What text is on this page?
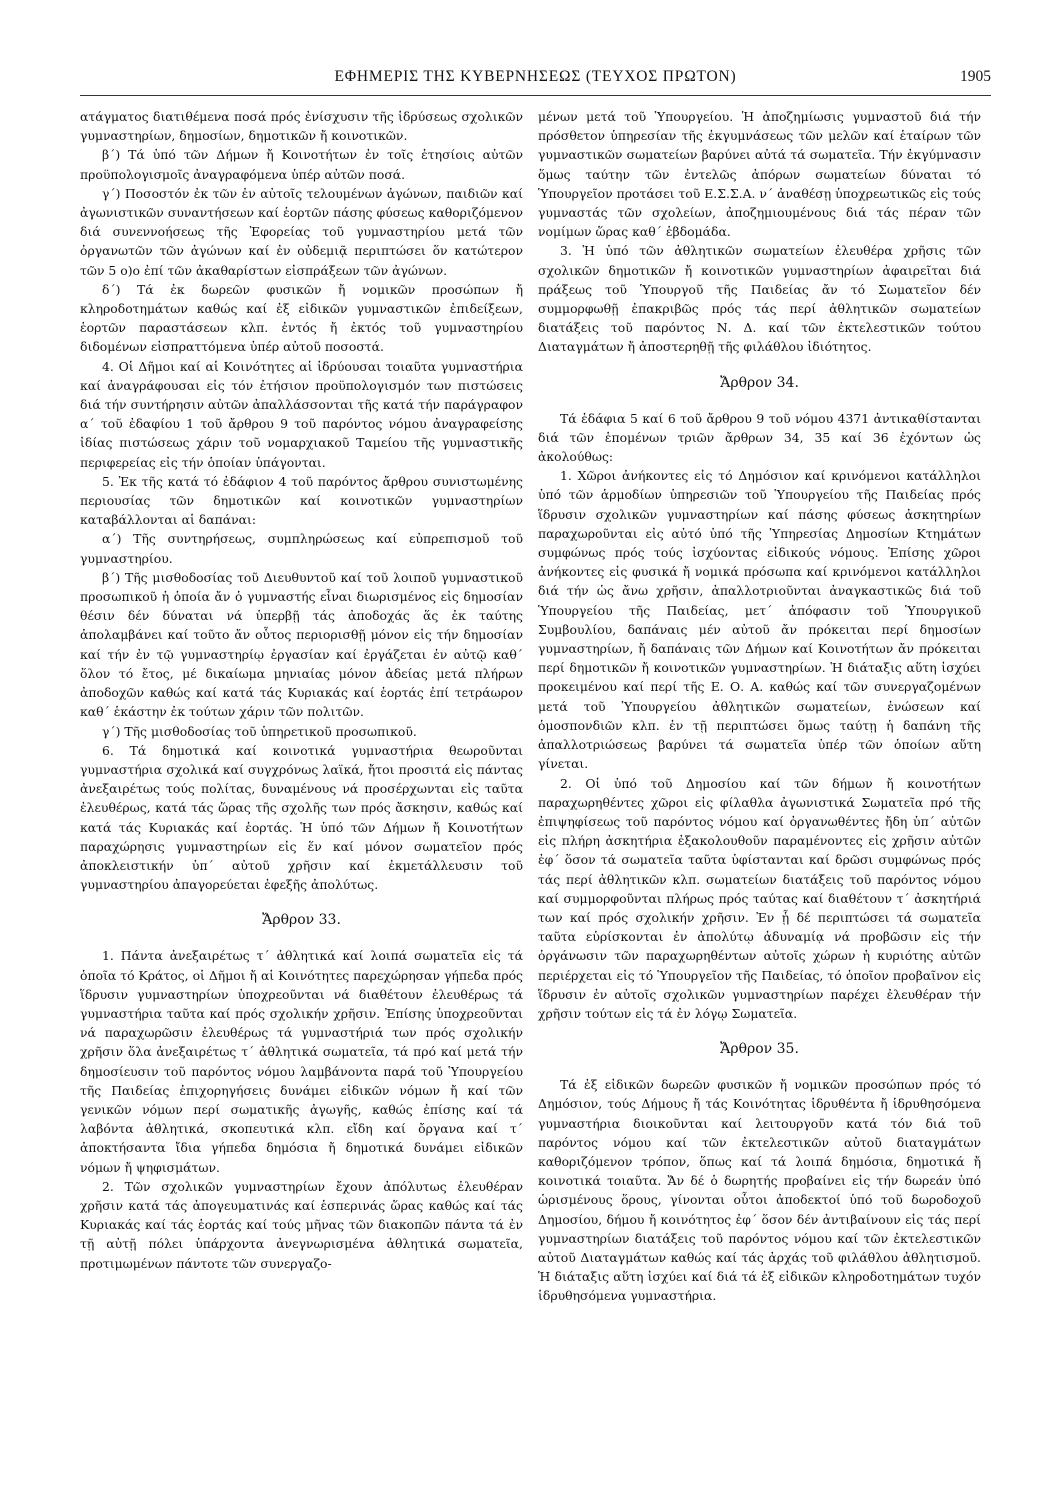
ΕΦΗΜΕΡΙΣ ΤΗΣ ΚΥΒΕΡΝΗΣΕΩΣ (ΤΕΥΧΟΣ ΠΡΩΤΟΝ)	1905

ατάγματος διατιθέμενα ποσά πρός ἐνίσχυσιν τῆς ἱδρύσεως σχολικῶν γυμναστηρίων, δημοσίων, δημοτικῶν ἤ κοινοτικῶν.

β΄) Τά ὑπό τῶν Δήμων ἤ Κοινοτήτων ἐν τοῖς ἐτησίοις αὐτῶν προϋπολογισμοῖς ἀναγραφόμενα ὑπέρ αὐτῶν ποσά.

γ΄) Ποσοστόν ἐκ τῶν ἐν αὐτοῖς τελουμένων ἀγώνων, παιδιῶν καί ἀγωνιστικῶν συναντήσεων καί ἑορτῶν πάσης φύσεως καθοριζόμενον διά συνεννοήσεως τῆς Ἐφορείας τοῦ γυμναστηρίου μετά τῶν ὀργανωτῶν τῶν ἀγώνων καί ἐν οὐδεμιᾷ περιπτώσει ὅν κατώτερον τῶν 5 ο)ο ἐπί τῶν ἀκαθαρίστων εἰσπράξεων τῶν ἀγώνων.

δ΄) Τά ἐκ δωρεῶν φυσικῶν ἤ νομικῶν προσώπων ἤ κληροδοτημάτων καθώς καί ἐξ εἰδικῶν γυμναστικῶν ἐπιδείξεων, ἑορτῶν παραστάσεων κλπ. ἐντός ἤ ἐκτός τοῦ γυμναστηρίου διδομένων εἰσπραττόμενα ὑπέρ αὐτοῦ ποσοστά.

4. Οἱ Δῆμοι καί αἱ Κοινότητες αἱ ἱδρύουσαι τοιαῦτα γυμναστήρια καί ἀναγράφουσαι εἰς τόν ἐτήσιον προϋπολογισμόν των πιστώσεις διά τήν συντήρησιν αὐτῶν ἀπαλλάσσονται τῆς κατά τήν παράγραφον α΄ τοῦ ἐδαφίου 1 τοῦ ἄρθρου 9 τοῦ παρόντος νόμου ἀναγραφείσης ἰδίας πιστώσεως χάριν τοῦ νομαρχιακοῦ Ταμείου τῆς γυμναστικῆς περιφερείας εἰς τήν ὁποίαν ὑπάγονται.

5. Ἐκ τῆς κατά τό ἐδάφιον 4 τοῦ παρόντος ἄρθρου συνιστωμένης περιουσίας τῶν δημοτικῶν καί κοινοτικῶν γυμναστηρίων καταβάλλονται αἱ δαπάναι:

α΄) Τῆς συντηρήσεως, συμπληρώσεως καί εὐπρεπισμοῦ τοῦ γυμναστηρίου.

β΄) Τῆς μισθοδοσίας τοῦ Διευθυντοῦ καί τοῦ λοιποῦ γυμναστικοῦ προσωπικοῦ ἡ ὁποία ἄν ὁ γυμναστής εἶναι διωρισμένος εἰς δημοσίαν θέσιν δέν δύναται νά ὑπερβῇ τάς ἀποδοχάς ἅς ἐκ ταύτης ἀπολαμβάνει καί τοῦτο ἄν οὗτος περιορισθῇ μόνον εἰς τήν δημοσίαν καί τήν ἐν τῷ γυμναστηρίῳ ἐργασίαν καί ἐργάζεται ἐν αὐτῷ καθ΄ ὅλον τό ἔτος, μέ δικαίωμα μηνιαίας μόνον ἀδείας μετά πλήρων ἀποδοχῶν καθώς καί κατά τάς Κυριακάς καί ἑορτάς ἐπί τετράωρον καθ΄ ἑκάστην ἐκ τούτων χάριν τῶν πολιτῶν.

γ΄) Τῆς μισθοδοσίας τοῦ ὑπηρετικοῦ προσωπικοῦ.

6. Τά δημοτικά καί κοινοτικά γυμναστήρια θεωροῦνται γυμναστήρια σχολικά καί συγχρόνως λαϊκά, ἤτοι προσιτά εἰς πάντας ἀνεξαιρέτως τούς πολίτας, δυναμένους νά προσέρχωνται εἰς ταῦτα ἐλευθέρως, κατά τάς ὥρας τῆς σχολῆς των πρός ἄσκησιν, καθώς καί κατά τάς Κυριακάς καί ἑορτάς. Ἡ ὑπό τῶν Δήμων ἤ Κοινοτήτων παραχώρησις γυμναστηρίων εἰς ἕν καί μόνον σωματεῖον πρός ἀποκλειστικήν ὑπ΄ αὐτοῦ χρῆσιν καί ἐκμετάλλευσιν τοῦ γυμναστηρίου ἀπαγορεύεται ἐφεξῆς ἀπολύτως.

Ἄρθρον 33.

1. Πάντα ἀνεξαιρέτως τ΄ ἀθλητικά καί λοιπά σωματεῖα εἰς τά ὁποῖα τό Κράτος, οἱ Δῆμοι ἤ αἱ Κοινότητες παρεχώρησαν γήπεδα πρός ἵδρυσιν γυμναστηρίων ὑποχρεοῦνται νά διαθέτουν ἐλευθέρως τά γυμναστήρια ταῦτα καί πρός σχολικήν χρῆσιν. Ἐπίσης ὑποχρεοῦνται νά παραχωρῶσιν ἐλευθέρως τά γυμναστήριά των πρός σχολικήν χρῆσιν ὅλα ἀνεξαιρέτως τ΄ ἀθλητικά σωματεῖα, τά πρό καί μετά τήν δημοσίευσιν τοῦ παρόντος νόμου λαμβάνοντα παρά τοῦ Ὑπουργείου τῆς Παιδείας ἐπιχορηγήσεις δυνάμει εἰδικῶν νόμων ἤ καί τῶν γενικῶν νόμων περί σωματικῆς ἀγωγῆς, καθώς ἐπίσης καί τά λαβόντα ἀθλητικά, σκοπευτικά κλπ. εἴδη καί ὄργανα καί τ΄ ἀποκτήσαντα ἴδια γήπεδα δημόσια ἤ δημοτικά δυνάμει εἰδικῶν νόμων ἤ ψηφισμάτων.

2. Τῶν σχολικῶν γυμναστηρίων ἔχουν ἀπόλυτως ἐλευθέραν χρῆσιν κατά τάς ἀπογευματινάς καί ἑσπερινάς ὥρας καθώς καί τάς Κυριακάς καί τάς ἑορτάς καί τούς μῆνας τῶν διακοπῶν πάντα τά ἐν τῇ αὐτῇ πόλει ὑπάρχοντα ἀνεγνωρισμένα ἀθλητικά σωματεῖα, προτιμωμένων πάντοτε τῶν συνεργαζο-

μένων μετά τοῦ Ὑπουργείου. Ἡ ἀποζημίωσις γυμναστοῦ διά τήν πρόσθετον ὑπηρεσίαν τῆς ἐκγυμνάσεως τῶν μελῶν καί ἑταίρων τῶν γυμναστικῶν σωματείων βαρύνει αὐτά τά σωματεῖα. Τήν ἐκγύμνασιν ὅμως ταύτην τῶν ἐντελῶς ἀπόρων σωματείων δύναται τό Ὑπουργεῖον προτάσει τοῦ Ε.Σ.Σ.Α. ν΄ ἀναθέσῃ ὑποχρεωτικῶς εἰς τούς γυμναστάς τῶν σχολείων, ἀποζημιουμένους διά τάς πέραν τῶν νομίμων ὥρας καθ΄ ἑβδομάδα.

3. Ἡ ὑπό τῶν ἀθλητικῶν σωματείων ἐλευθέρα χρῆσις τῶν σχολικῶν δημοτικῶν ἤ κοινοτικῶν γυμναστηρίων ἀφαιρεῖται διά πράξεως τοῦ Ὑπουργοῦ τῆς Παιδείας ἄν τό Σωματεῖον δέν συμμορφωθῇ ἐπακριβῶς πρός τάς περί ἀθλητικῶν σωματείων διατάξεις τοῦ παρόντος Ν. Δ. καί τῶν ἐκτελεστικῶν τούτου Διαταγμάτων ἤ ἀποστερηθῇ τῆς φιλάθλου ἰδιότητος.

Ἄρθρον 34.

Τά ἐδάφια 5 καί 6 τοῦ ἄρθρου 9 τοῦ νόμου 4371 ἀντικαθίστανται διά τῶν ἑπομένων τριῶν ἄρθρων 34, 35 καί 36 ἐχόντων ὡς ἀκολούθως:

1. Χῶροι ἀνήκοντες εἰς τό Δημόσιον καί κρινόμενοι κατάλληλοι ὑπό τῶν ἁρμοδίων ὑπηρεσιῶν τοῦ Ὑπουργείου τῆς Παιδείας πρός ἵδρυσιν σχολικῶν γυμναστηρίων καί πάσης φύσεως ἀσκητηρίων παραχωροῦνται εἰς αὐτό ὑπό τῆς Ὑπηρεσίας Δημοσίων Κτημάτων συμφώνως πρός τούς ἰσχύοντας εἰδικούς νόμους. Ἐπίσης χῶροι ἀνήκοντες εἰς φυσικά ἤ νομικά πρόσωπα καί κρινόμενοι κατάλληλοι διά τήν ὡς ἄνω χρῆσιν, ἀπαλλοτριοῦνται ἀναγκαστικῶς διά τοῦ Ὑπουργείου τῆς Παιδείας, μετ΄ ἀπόφασιν τοῦ Ὑπουργικοῦ Συμβουλίου, δαπάναις μέν αὐτοῦ ἄν πρόκειται περί δημοσίων γυμναστηρίων, ἤ δαπάναις τῶν Δήμων καί Κοινοτήτων ἄν πρόκειται περί δημοτικῶν ἤ κοινοτικῶν γυμναστηρίων. Ἡ διάταξις αὕτη ἰσχύει προκειμένου καί περί τῆς Ε. Ο. Α. καθώς καί τῶν συνεργαζομένων μετά τοῦ Ὑπουργείου ἀθλητικῶν σωματείων, ἑνώσεων καί ὁμοσπονδιῶν κλπ. ἐν τῇ περιπτώσει ὅμως ταύτῃ ἡ δαπάνη τῆς ἀπαλλοτριώσεως βαρύνει τά σωματεῖα ὑπέρ τῶν ὁποίων αὕτη γίνεται.

2. Οἱ ὑπό τοῦ Δημοσίου καί τῶν δήμων ἤ κοινοτήτων παραχωρηθέντες χῶροι εἰς φίλαθλα ἀγωνιστικά Σωματεῖα πρό τῆς ἐπιψηφίσεως τοῦ παρόντος νόμου καί ὀργανωθέντες ἤδη ὑπ΄ αὐτῶν εἰς πλήρη ἀσκητήρια ἐξακολουθοῦν παραμένοντες εἰς χρῆσιν αὐτῶν ἐφ΄ ὅσον τά σωματεῖα ταῦτα ὑφίστανται καί δρῶσι συμφώνως πρός τάς περί ἀθλητικῶν κλπ. σωματείων διατάξεις τοῦ παρόντος νόμου καί συμμορφοῦνται πλήρως πρός ταύτας καί διαθέτουν τ΄ ἀσκητήριά των καί πρός σχολικήν χρῆσιν. Ἐν ᾗ δέ περιπτώσει τά σωματεῖα ταῦτα εὑρίσκονται ἐν ἀπολύτῳ ἀδυναμίᾳ νά προβῶσιν εἰς τήν ὀργάνωσιν τῶν παραχωρηθέντων αὐτοῖς χώρων ἡ κυριότης αὐτῶν περιέρχεται εἰς τό Ὑπουργεῖον τῆς Παιδείας, τό ὁποῖον προβαῖνον εἰς ἵδρυσιν ἐν αὐτοῖς σχολικῶν γυμναστηρίων παρέχει ἐλευθέραν τήν χρῆσιν τούτων εἰς τά ἐν λόγῳ Σωματεῖα.

Ἄρθρον 35.

Τά ἐξ εἰδικῶν δωρεῶν φυσικῶν ἤ νομικῶν προσώπων πρός τό Δημόσιον, τούς Δήμους ἤ τάς Κοινότητας ἱδρυθέντα ἤ ἱδρυθησόμενα γυμναστήρια διοικοῦνται καί λειτουργοῦν κατά τόν διά τοῦ παρόντος νόμου καί τῶν ἐκτελεστικῶν αὐτοῦ διαταγμάτων καθοριζόμενον τρόπον, ὅπως καί τά λοιπά δημόσια, δημοτικά ἤ κοινοτικά τοιαῦτα. Ἄν δέ ὁ δωρητής προβαίνει εἰς τήν δωρεάν ὑπό ὡρισμένους ὅρους, γίνονται οὗτοι ἀποδεκτοί ὑπό τοῦ δωροδοχοῦ Δημοσίου, δήμου ἤ κοινότητος ἐφ΄ ὅσον δέν ἀντιβαίνουν εἰς τάς περί γυμναστηρίων διατάξεις τοῦ παρόντος νόμου καί τῶν ἐκτελεστικῶν αὐτοῦ Διαταγμάτων καθώς καί τάς ἀρχάς τοῦ φιλάθλου ἀθλητισμοῦ. Ἡ διάταξις αὕτη ἰσχύει καί διά τά ἐξ εἰδικῶν κληροδοτημάτων τυχόν ἱδρυθησόμενα γυμναστήρια.
